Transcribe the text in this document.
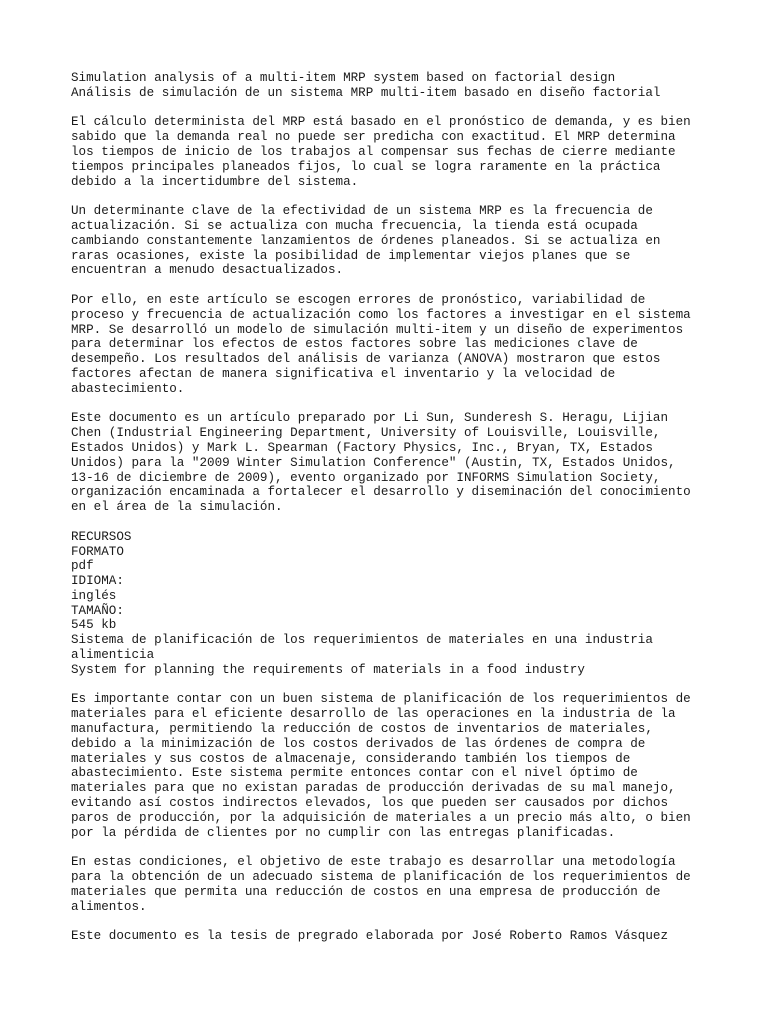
Simulation analysis of a multi-item MRP system based on factorial design
Análisis de simulación de un sistema MRP multi-item basado en diseño factorial
El cálculo determinista del MRP está basado en el pronóstico de demanda, y es bien
sabido que la demanda real no puede ser predicha con exactitud. El MRP determina
los tiempos de inicio de los trabajos al compensar sus fechas de cierre mediante
tiempos principales planeados fijos, lo cual se logra raramente en la práctica
debido a la incertidumbre del sistema.
Un determinante clave de la efectividad de un sistema MRP es la frecuencia de
actualización. Si se actualiza con mucha frecuencia, la tienda está ocupada
cambiando constantemente lanzamientos de órdenes planeados. Si se actualiza en
raras ocasiones, existe la posibilidad de implementar viejos planes que se
encuentran a menudo desactualizados.
Por ello, en este artículo se escogen errores de pronóstico, variabilidad de
proceso y frecuencia de actualización como los factores a investigar en el sistema
MRP. Se desarrolló un modelo de simulación multi-item y un diseño de experimentos
para determinar los efectos de estos factores sobre las mediciones clave de
desempeño. Los resultados del análisis de varianza (ANOVA) mostraron que estos
factores afectan de manera significativa el inventario y la velocidad de
abastecimiento.
Este documento es un artículo preparado por Li Sun, Sunderesh S. Heragu, Lijian
Chen (Industrial Engineering Department, University of Louisville, Louisville,
Estados Unidos) y Mark L. Spearman (Factory Physics, Inc., Bryan, TX, Estados
Unidos) para la "2009 Winter Simulation Conference" (Austin, TX, Estados Unidos,
13-16 de diciembre de 2009), evento organizado por INFORMS Simulation Society,
organización encaminada a fortalecer el desarrollo y diseminación del conocimiento
en el área de la simulación.
RECURSOS
FORMATO
pdf
IDIOMA:
inglés
TAMAÑO:
545 kb
Sistema de planificación de los requerimientos de materiales en una industria
alimenticia
System for planning the requirements of materials in a food industry
Es importante contar con un buen sistema de planificación de los requerimientos de
materiales para el eficiente desarrollo de las operaciones en la industria de la
manufactura, permitiendo la reducción de costos de inventarios de materiales,
debido a la minimización de los costos derivados de las órdenes de compra de
materiales y sus costos de almacenaje, considerando también los tiempos de
abastecimiento. Este sistema permite entonces contar con el nivel óptimo de
materiales para que no existan paradas de producción derivadas de su mal manejo,
evitando así costos indirectos elevados, los que pueden ser causados por dichos
paros de producción, por la adquisición de materiales a un precio más alto, o bien
por la pérdida de clientes por no cumplir con las entregas planificadas.
En estas condiciones, el objetivo de este trabajo es desarrollar una metodología
para la obtención de un adecuado sistema de planificación de los requerimientos de
materiales que permita una reducción de costos en una empresa de producción de
alimentos.
Este documento es la tesis de pregrado elaborada por José Roberto Ramos Vásquez
